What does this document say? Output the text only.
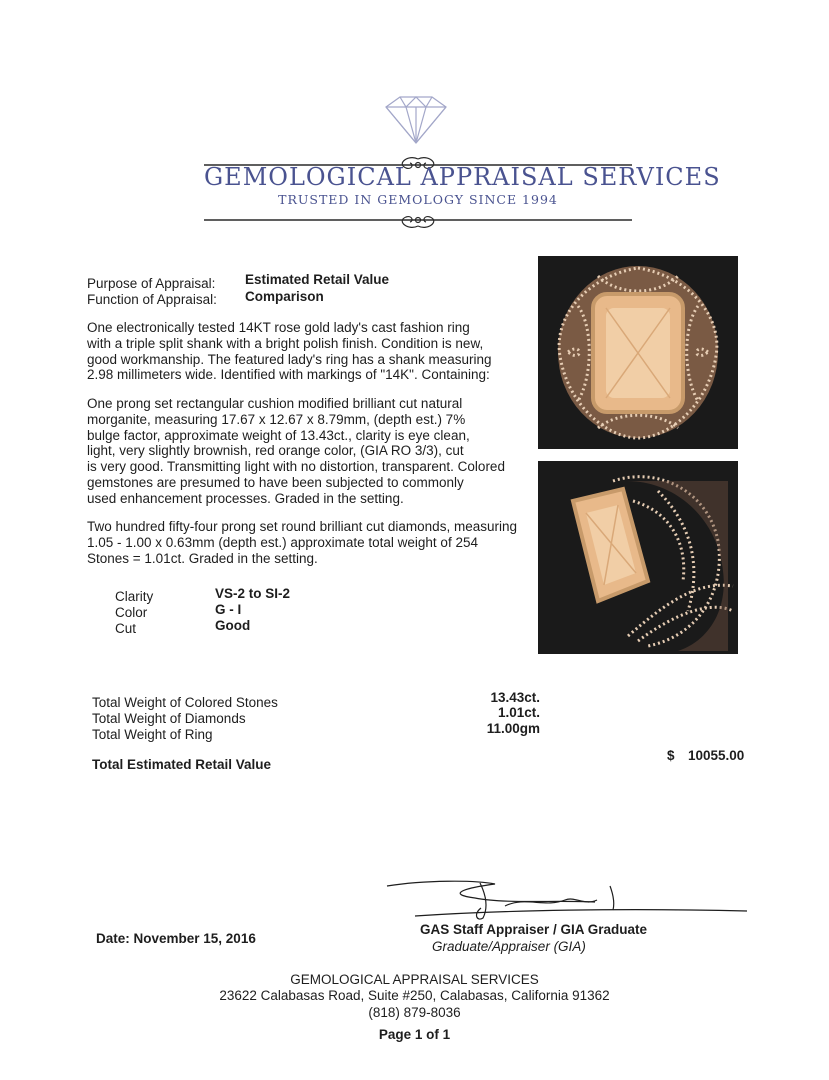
GEMOLOGICAL APPRAISAL SERVICES
TRUSTED IN GEMOLOGY SINCE 1994
Purpose of Appraisal: Estimated Retail Value
Function of Appraisal: Comparison
One electronically tested 14KT rose gold lady's cast fashion ring
with a triple split shank with a bright polish finish. Condition is new,
good workmanship. The featured lady's ring has a shank measuring
2.98 millimeters wide. Identified with markings of "14K". Containing:
One prong set rectangular cushion modified brilliant cut natural
morganite, measuring 17.67 x 12.67 x 8.79mm, (depth est.) 7%
bulge factor, approximate weight of 13.43ct., clarity is eye clean,
light, very slightly brownish, red orange color, (GIA RO 3/3), cut
is very good. Transmitting light with no distortion, transparent. Colored
gemstones are presumed to have been subjected to commonly
used enhancement processes. Graded in the setting.
Two hundred fifty-four prong set round brilliant cut diamonds, measuring
1.05 - 1.00 x 0.63mm (depth est.) approximate total weight of 254
Stones = 1.01ct. Graded in the setting.
Clarity	VS-2 to SI-2
Color	G - I
Cut	Good
Total Weight of Colored Stones	13.43ct.
Total Weight of Diamonds	1.01ct.
Total Weight of Ring	11.00gm
Total Estimated Retail Value
$ 10055.00
Date: November 15, 2016
GAS Staff Appraiser / GIA Graduate
Graduate/Appraiser (GIA)
GEMOLOGICAL APPRAISAL SERVICES
23622 Calabasas Road, Suite #250, Calabasas, California 91362
(818) 879-8036
Page 1 of 1
